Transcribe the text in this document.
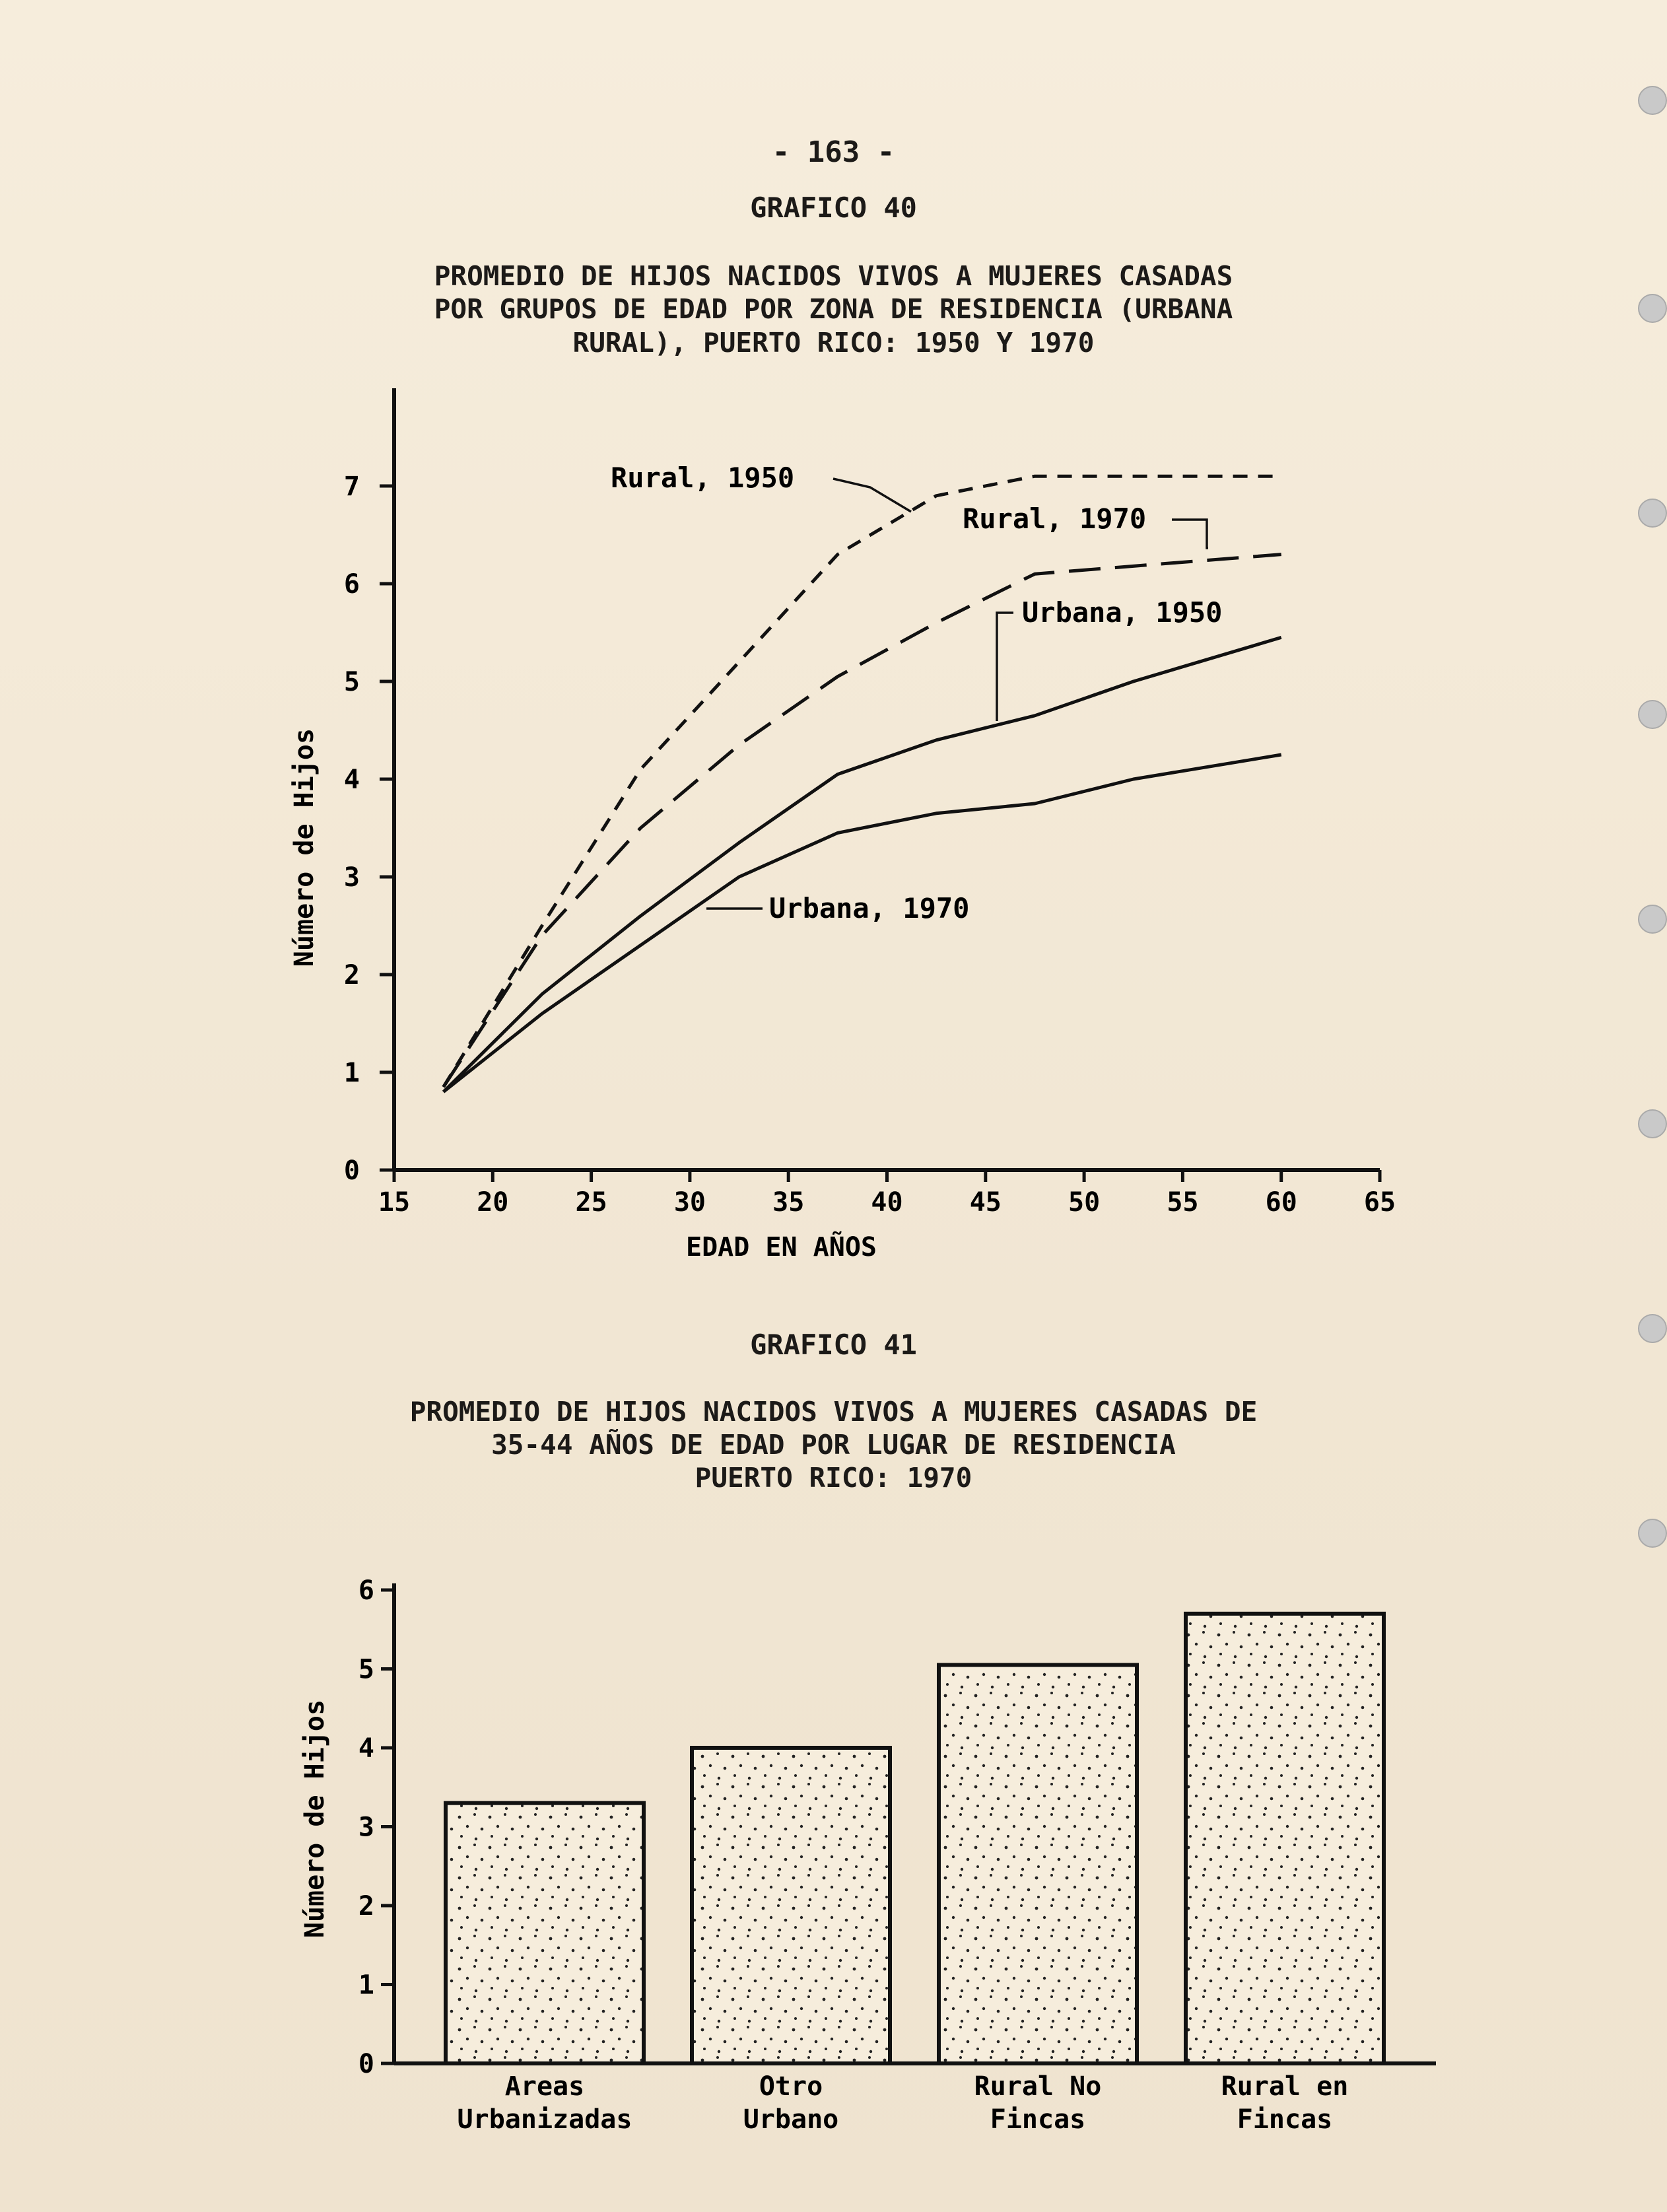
- 163 -
GRAFICO 40
PROMEDIO DE HIJOS NACIDOS VIVOS A MUJERES CASADAS
POR GRUPOS DE EDAD POR ZONA DE RESIDENCIA (URBANA
RURAL), PUERTO RICO: 1950 Y 1970
15	20	25	30	35	40	45	50	55	60	65
0
1
2
3
4
5
6
7
EDAD EN AÑOS
Número de Hijos
Rural, 1950
Rural, 1970
Urbana, 1950
Urbana, 1970
GRAFICO 41
PROMEDIO DE HIJOS NACIDOS VIVOS A MUJERES CASADAS DE
35-44 AÑOS DE EDAD POR LUGAR DE RESIDENCIA
PUERTO RICO: 1970
0
1
2
3
4
5
6
Número de Hijos
Areas
Urbanizadas
Otro
Urbano
Rural No
Fincas
Rural en
Fincas
